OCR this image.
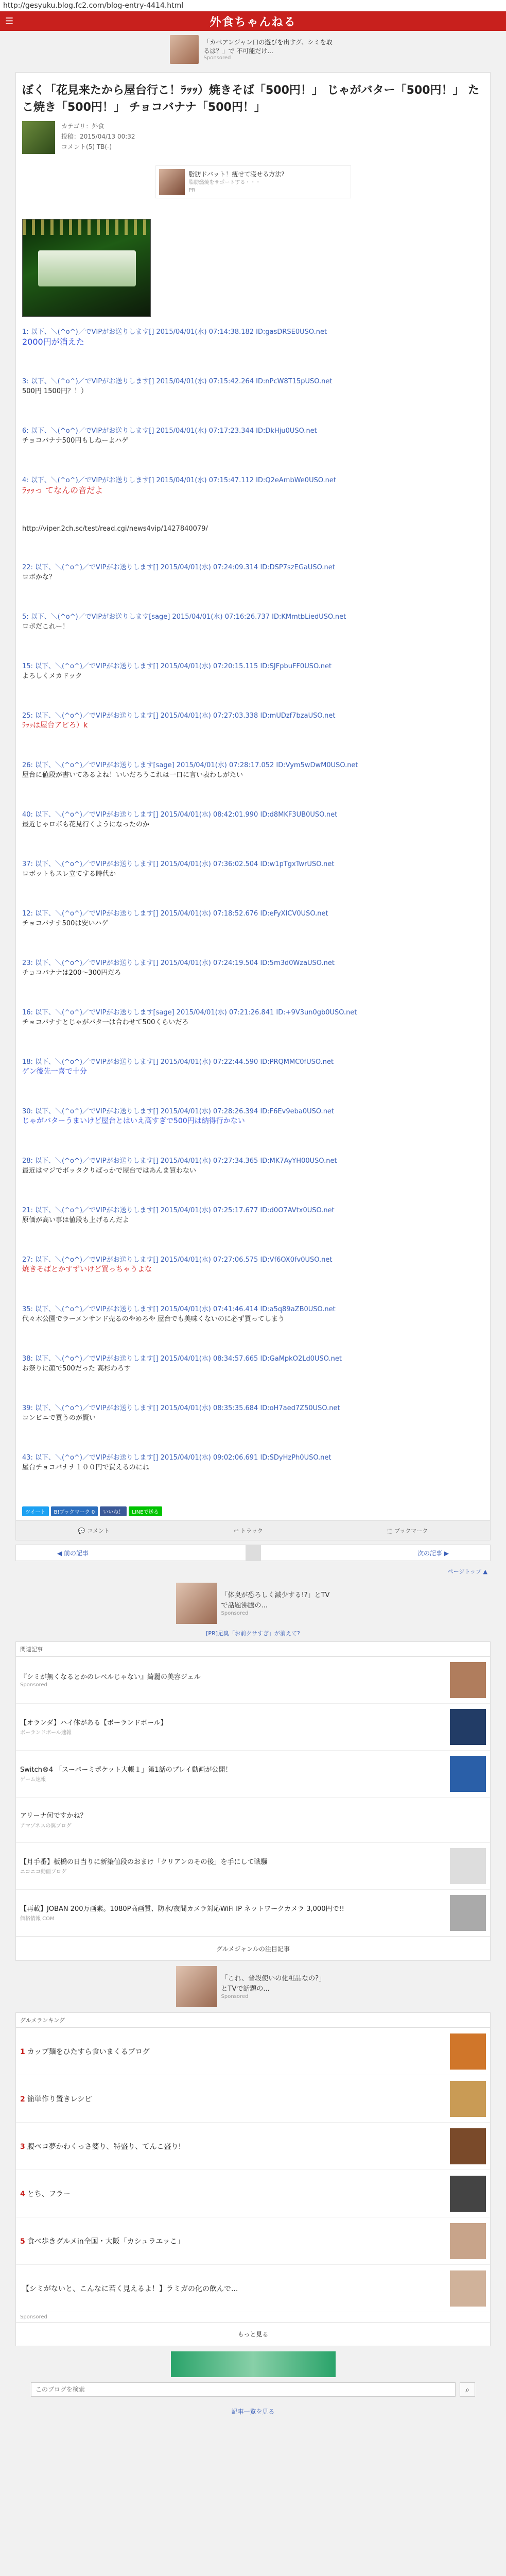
http://gesyuku.blog.fc2.com/blog-entry-4414.html
☰	外食ちゃんねる
「カベアンジャン口の遊びを出すグ、シミを取るは？」で 不可能だけ...
Sponsored
ぼく「花見来たから屋台行こ！ﾗｯｯ）焼きそば「500円！」 じゃがバター「500円！」 たこ焼き「500円！」 チョコバナナ「500円！」
カテゴリ：外食
投稿：2015/04/13 00:32
コメント(5) TB(-)
脂肪ドバット！痩せて寝せる方法?
脂肪燃焼をサポートする・・・
PR
1: 以下、＼(^o^)／でVIPがお送りします[] 2015/04/01(水) 07:14:38.182 ID:gasDRSE0USO.net
2000円が消えた
3: 以下、＼(^o^)／でVIPがお送りします[] 2015/04/01(水) 07:15:42.264 ID:nPcW8T15pUSO.net
500円 1500円？！）
6: 以下、＼(^o^)／でVIPがお送りします[] 2015/04/01(水) 07:17:23.344 ID:DkHju0USO.net
チョコバナナ500円もしねーよハゲ
4: 以下、＼(^o^)／でVIPがお送りします[] 2015/04/01(水) 07:15:47.112 ID:Q2eAmbWe0USO.net
ﾗｯｯっ てなんの音だよ
http://viper.2ch.sc/test/read.cgi/news4vip/1427840079/
22: 以下、＼(^o^)／でVIPがお送りします[] 2015/04/01(水) 07:24:09.314 ID:DSP7szEGaUSO.net
ロボかな？
5: 以下、＼(^o^)／でVIPがお送りします[sage] 2015/04/01(水) 07:16:26.737 ID:KMmtbLiedUSO.net
ロボだこれー！
15: 以下、＼(^o^)／でVIPがお送りします[] 2015/04/01(水) 07:20:15.115 ID:SJFpbuFF0USO.net
よろしくメカドック
25: 以下、＼(^o^)／でVIPがお送りします[] 2015/04/01(水) 07:27:03.338 ID:mUDzf7bzaUSO.net
ﾗｯｯは屋台アピろ）k
26: 以下、＼(^o^)／でVIPがお送りします[sage] 2015/04/01(水) 07:28:17.052 ID:Vym5wDwM0USO.net
屋台に値段が書いてあるよね！いいだろうこれは一口に言い表わしがたい
40: 以下、＼(^o^)／でVIPがお送りします[] 2015/04/01(水) 08:42:01.990 ID:d8MKF3UB0USO.net
最近じゃロボも花見行くようになったのか
37: 以下、＼(^o^)／でVIPがお送りします[] 2015/04/01(水) 07:36:02.504 ID:w1pTgxTwrUSO.net
ロボットもスレ立てする時代か
12: 以下、＼(^o^)／でVIPがお送りします[] 2015/04/01(水) 07:18:52.676 ID:eFyXICV0USO.net
チョコバナナ500は安いハゲ
23: 以下、＼(^o^)／でVIPがお送りします[] 2015/04/01(水) 07:24:19.504 ID:5m3d0WzaUSO.net
チョコバナナは200～300円だろ
16: 以下、＼(^o^)／でVIPがお送りします[sage] 2015/04/01(水) 07:21:26.841 ID:+9V3un0gb0USO.net
チョコバナナとじゃがバタ一は合わせて500くらいだろ
18: 以下、＼(^o^)／でVIPがお送りします[] 2015/04/01(水) 07:22:44.590 ID:PRQMMC0fUSO.net
ゲン後先一喜で十分
30: 以下、＼(^o^)／でVIPがお送りします[] 2015/04/01(水) 07:28:26.394 ID:F6Ev9eba0USO.net
じゃがバターうまいけど屋台とはいえ高すぎで500円は納得行かない
28: 以下、＼(^o^)／でVIPがお送りします[] 2015/04/01(水) 07:27:34.365 ID:MK7AyYH00USO.net
最近はマジでボッタクりばっかで屋台ではあんま買わない
21: 以下、＼(^o^)／でVIPがお送りします[] 2015/04/01(水) 07:25:17.677 ID:d0O7AVtx0USO.net
原価が高い事は値段も上げるんだよ
27: 以下、＼(^o^)／でVIPがお送りします[] 2015/04/01(水) 07:27:06.575 ID:Vf6OX0fv0USO.net
焼きそばとかすずいけど買っちゃうよな
35: 以下、＼(^o^)／でVIPがお送りします[] 2015/04/01(水) 07:41:46.414 ID:a5q89aZB0USO.net
代々木公園でラーメンサンド売るのやめろや 屋台でも美味くないのに必ず買ってしまう
38: 以下、＼(^o^)／でVIPがお送りします[] 2015/04/01(水) 08:34:57.665 ID:GaMpkO2Ld0USO.net
お祭りに顔で500だった 高杉わろす
39: 以下、＼(^o^)／でVIPがお送りします[] 2015/04/01(水) 08:35:35.684 ID:oH7aed7Z50USO.net
コンビニで買うのが賢い
43: 以下、＼(^o^)／でVIPがお送りします[] 2015/04/01(水) 09:02:06.691 ID:SDyHzPh0USO.net
屋台チョコバナナ１００円で買えるのにね
ツイート	B!ブックマーク 0	いいね！	LINEで送る
💬 コメント	↩ トラック	⬚ ブックマーク
◀ 前の記事	次の記事 ▶
ページトップ ▲
「体臭が恐ろしく減少する!?」とTVで話題沸騰の...
Sponsored
[PR]足臭「お前クサすぎ」が消えて?
関連記事
『シミが無くなるとかのレベルじゃない』綺麗の美容ジェル
Sponsored
【オランダ】ハイ体がある【ボーランドボール】
ボーランドボール速報
Switch®4 「スーパーミポケット大帳１」第1話のプレイ動画が公開！
ゲーム速報
アリーナ何ですかね？
アマゾネスの翼ブログ
【月手番】板橋の日当りに新築値段のおまけ「クリアンのその後」を手にして戦騒
ニコニコ動画ブログ
【再載】JOBAN 200万画素。1080P高画質、防水/夜間カメラ対応WiFi IP ネットワークカメラ 3,000円で!!
価格情報 COM
グルメジャンルの注目記事
「これ、普段使いの化粧品なの?」とTVで話題の...
Sponsored
グルメランキング
1 カップ麺をひたすら食いまくるブログ
2 簡単作り置きレシピ
3 腹ペコ夢かわくっさ婆り、特盛り、てんこ盛り!
4 とち、フラー
5 食べ歩きグルメin全国・大阪「カシュラエッこ」
【シミがないと、こんなに若く見えるよ！】ラミガの化の飲んで...
Sponsored
もっと見る
このブログを検索
⌕
記事一覧を見る
